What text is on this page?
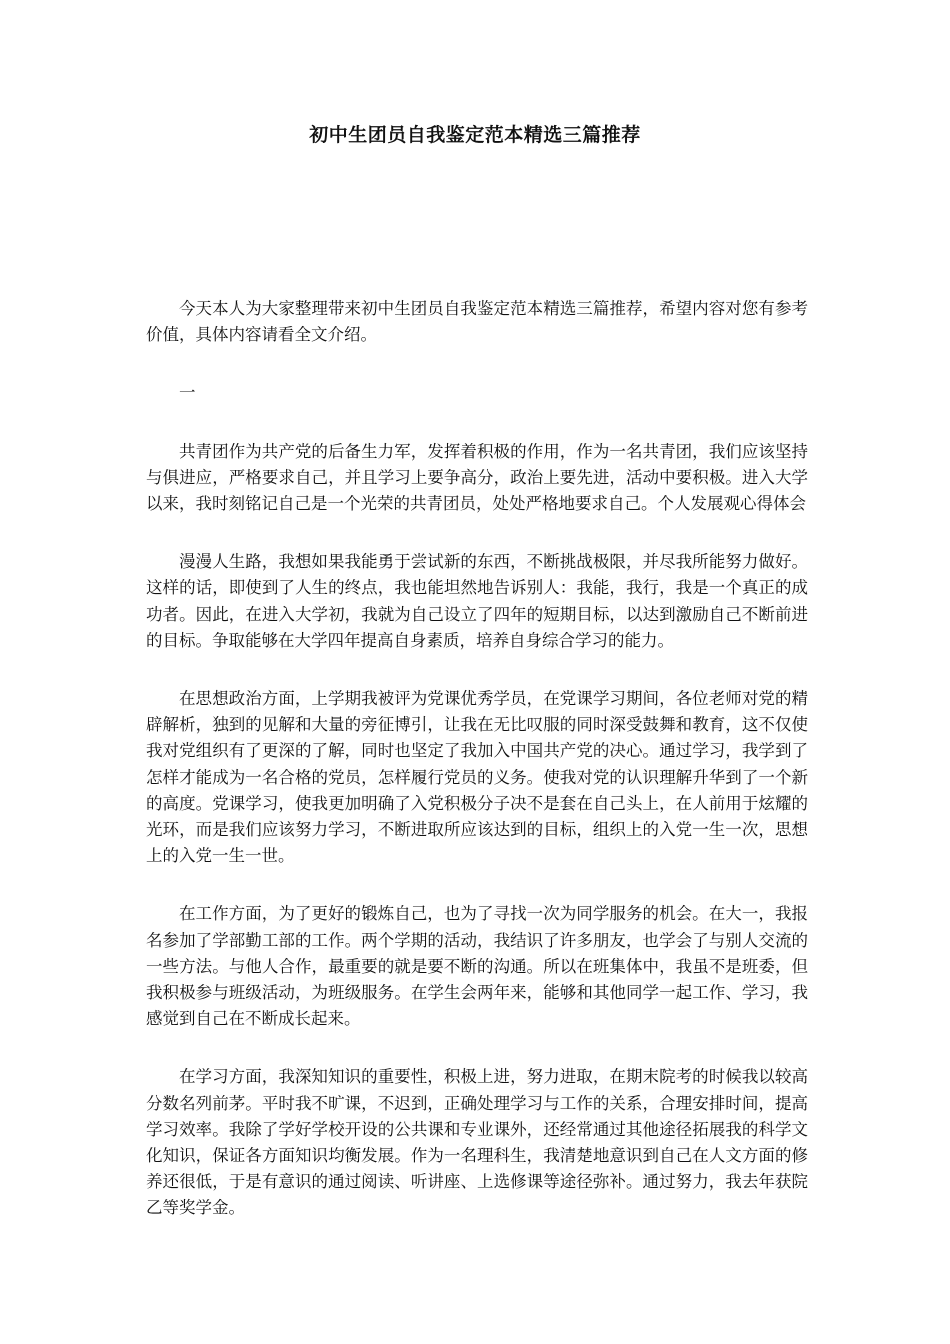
初中生团员自我鉴定范本精选三篇推荐

今天本人为大家整理带来初中生团员自我鉴定范本精选三篇推荐，希望内容对您有参考价值，具体内容请看全文介绍。

一

共青团作为共产党的后备生力军，发挥着积极的作用，作为一名共青团，我们应该坚持与俱进应，严格要求自己，并且学习上要争高分，政治上要先进，活动中要积极。进入大学以来，我时刻铭记自己是一个光荣的共青团员，处处严格地要求自己。个人发展观心得体会

漫漫人生路，我想如果我能勇于尝试新的东西，不断挑战极限，并尽我所能努力做好。这样的话，即使到了人生的终点，我也能坦然地告诉别人：我能，我行，我是一个真正的成功者。因此，在进入大学初，我就为自己设立了四年的短期目标，以达到激励自己不断前进的目标。争取能够在大学四年提高自身素质，培养自身综合学习的能力。

在思想政治方面，上学期我被评为党课优秀学员，在党课学习期间，各位老师对党的精辟解析，独到的见解和大量的旁征博引，让我在无比叹服的同时深受鼓舞和教育，这不仅使我对党组织有了更深的了解，同时也坚定了我加入中国共产党的决心。通过学习，我学到了怎样才能成为一名合格的党员，怎样履行党员的义务。使我对党的认识理解升华到了一个新的高度。党课学习，使我更加明确了入党积极分子决不是套在自己头上，在人前用于炫耀的光环，而是我们应该努力学习，不断进取所应该达到的目标，组织上的入党一生一次，思想上的入党一生一世。

在工作方面，为了更好的锻炼自己，也为了寻找一次为同学服务的机会。在大一，我报名参加了学部勤工部的工作。两个学期的活动，我结识了许多朋友，也学会了与别人交流的一些方法。与他人合作，最重要的就是要不断的沟通。所以在班集体中，我虽不是班委，但我积极参与班级活动，为班级服务。在学生会两年来，能够和其他同学一起工作、学习，我感觉到自己在不断成长起来。

在学习方面，我深知知识的重要性，积极上进，努力进取，在期末院考的时候我以较高分数名列前茅。平时我不旷课，不迟到，正确处理学习与工作的关系，合理安排时间，提高学习效率。我除了学好学校开设的公共课和专业课外，还经常通过其他途径拓展我的科学文化知识，保证各方面知识均衡发展。作为一名理科生，我清楚地意识到自己在人文方面的修养还很低，于是有意识的通过阅读、听讲座、上选修课等途径弥补。通过努力，我去年获院乙等奖学金。
